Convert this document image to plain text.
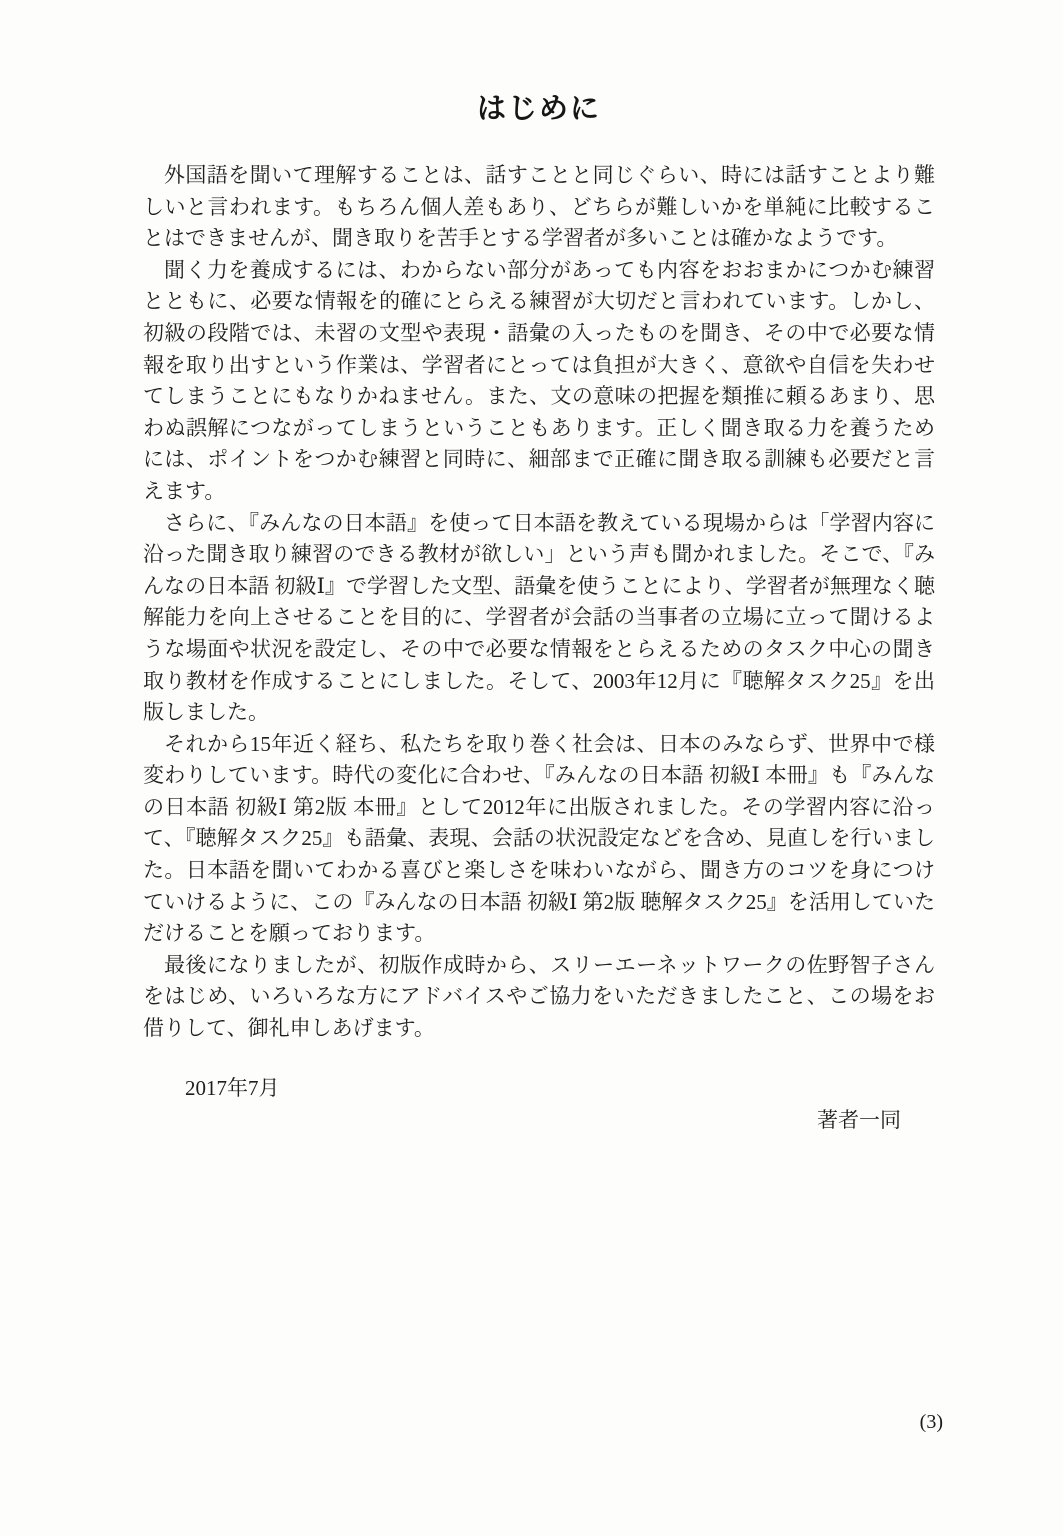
はじめに

外国語を聞いて理解することは、話すことと同じぐらい、時には話すことより難しいと言われます。もちろん個人差もあり、どちらが難しいかを単純に比較することはできませんが、聞き取りを苦手とする学習者が多いことは確かなようです。

聞く力を養成するには、わからない部分があっても内容をおおまかにつかむ練習とともに、必要な情報を的確にとらえる練習が大切だと言われています。しかし、初級の段階では、未習の文型や表現・語彙の入ったものを聞き、その中で必要な情報を取り出すという作業は、学習者にとっては負担が大きく、意欲や自信を失わせてしまうことにもなりかねません。また、文の意味の把握を類推に頼るあまり、思わぬ誤解につながってしまうということもあります。正しく聞き取る力を養うためには、ポイントをつかむ練習と同時に、細部まで正確に聞き取る訓練も必要だと言えます。

さらに、『みんなの日本語』を使って日本語を教えている現場からは「学習内容に沿った聞き取り練習のできる教材が欲しい」という声も聞かれました。そこで、『みんなの日本語 初級Ⅰ』で学習した文型、語彙を使うことにより、学習者が無理なく聴解能力を向上させることを目的に、学習者が会話の当事者の立場に立って聞けるような場面や状況を設定し、その中で必要な情報をとらえるためのタスク中心の聞き取り教材を作成することにしました。そして、2003年12月に『聴解タスク25』を出版しました。

それから15年近く経ち、私たちを取り巻く社会は、日本のみならず、世界中で様変わりしています。時代の変化に合わせ、『みんなの日本語 初級Ⅰ 本冊』も『みんなの日本語 初級Ⅰ 第2版 本冊』として2012年に出版されました。その学習内容に沿って、『聴解タスク25』も語彙、表現、会話の状況設定などを含め、見直しを行いました。日本語を聞いてわかる喜びと楽しさを味わいながら、聞き方のコツを身につけていけるように、この『みんなの日本語 初級Ⅰ 第2版 聴解タスク25』を活用していただけることを願っております。

最後になりましたが、初版作成時から、スリーエーネットワークの佐野智子さんをはじめ、いろいろな方にアドバイスやご協力をいただきましたこと、この場をお借りして、御礼申しあげます。

2017年7月
著者一同
(3)
